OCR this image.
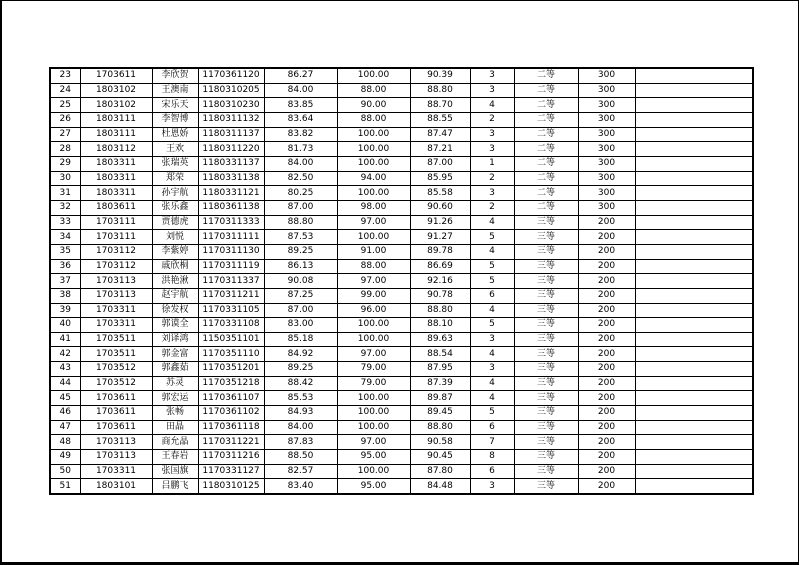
23	1703611	李欣贺	1170361120	86.27	100.00	90.39	3	二等	300	
24	1803102	王澳南	1180310205	84.00	88.00	88.80	3	二等	300	
25	1803102	宋乐天	1180310230	83.85	90.00	88.70	4	二等	300	
26	1803111	李智博	1180311132	83.64	88.00	88.55	2	二等	300	
27	1803111	杜恩娇	1180311137	83.82	100.00	87.47	3	二等	300	
28	1803112	王欢	1180311220	81.73	100.00	87.21	3	二等	300	
29	1803311	张瑞英	1180331137	84.00	100.00	87.00	1	二等	300	
30	1803311	郑荣	1180331138	82.50	94.00	85.95	2	二等	300	
31	1803311	孙宇航	1180331121	80.25	100.00	85.58	3	二等	300	
32	1803611	张乐鑫	1180361138	87.00	98.00	90.60	2	二等	300	
33	1703111	贾德虎	1170311333	88.80	97.00	91.26	4	三等	200	
34	1703111	刘悦	1170311111	87.53	100.00	91.27	5	三等	200	
35	1703112	李紫婷	1170311130	89.25	91.00	89.78	4	三等	200	
36	1703112	戚欣桐	1170311119	86.13	88.00	86.69	5	三等	200	
37	1703113	洪艳湫	1170311337	90.08	97.00	92.16	5	三等	200	
38	1703113	赵宇航	1170311211	87.25	99.00	90.78	6	三等	200	
39	1703311	徐发权	1170331105	87.00	96.00	88.80	4	三等	200	
40	1703311	郭谟全	1170331108	83.00	100.00	88.10	5	三等	200	
41	1703511	刘译鸿	1150351101	85.18	100.00	89.63	3	三等	200	
42	1703511	郭金富	1170351110	84.92	97.00	88.54	4	三等	200	
43	1703512	郭鑫茹	1170351201	89.25	79.00	87.95	3	三等	200	
44	1703512	苏灵	1170351218	88.42	79.00	87.39	4	三等	200	
45	1703611	郭宏运	1170361107	85.53	100.00	89.87	4	三等	200	
46	1703611	张畅	1170361102	84.93	100.00	89.45	5	三等	200	
47	1703611	田晶	1170361118	84.00	100.00	88.80	6	三等	200	
48	1703113	商允晶	1170311221	87.83	97.00	90.58	7	三等	200	
49	1703113	王春岩	1170311216	88.50	95.00	90.45	8	三等	200	
50	1703311	张国旗	1170331127	82.57	100.00	87.80	6	三等	200	
51	1803101	吕鹏飞	1180310125	83.40	95.00	84.48	3	三等	200	
